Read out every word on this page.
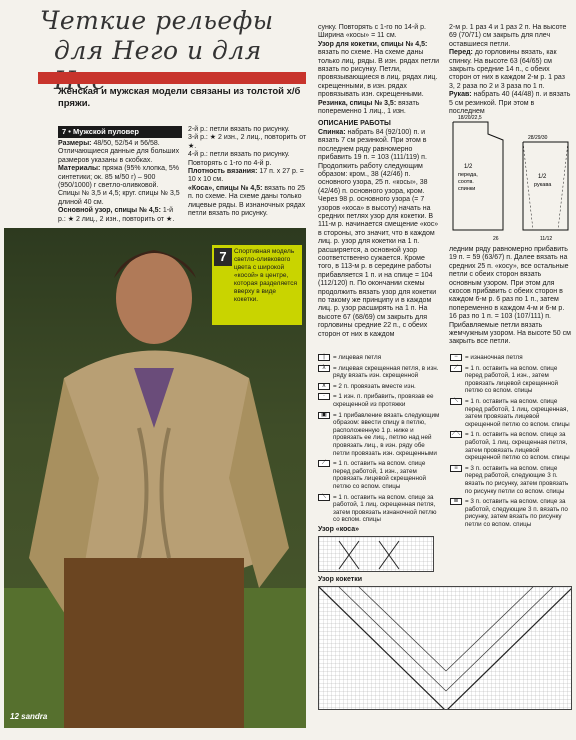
Четкие рельефы
для Него и для
Женская и мужская модели связаны из толстой х/б пряжи.
7 • Мужской пуловер

Размеры: 48/50, 52/54 и 56/58. Отличающиеся данные для больших размеров указаны в скобках.

Материалы: пряжа (95% хлопка, 5% синтетики; ок. 85 м/50 г) – 900 (950/1000) г светло-оливковой. Спицы № 3,5 и 4,5; круг. спицы № 3,5 длиной 40 см.

Основной узор, спицы № 4,5: 1-й р.: ★ 2 лиц., 2 изн., повторить от ★.

2-й р.: петли вязать по рисунку.

3-й р.: ★ 2 изн., 2 лиц., повторить от ★.

4-й р.: петли вязать по рисунку.

Повторять с 1-го по 4-й р.

Плотность вязания: 17 п. х 27 р. = 10 х 10 см.

«Коса», спицы № 4,5: вязать по 25 п. по схеме. На схеме даны только лицевые ряды. В изнаночных рядах петли вязать по рисунку.

7	Спортивная модель светло-оливкового цвета с широкой «косой» в центре, которая разделяется вверху в виде кокетки.
12 sandra

сунку. Повторять с 1-го по 14-й р. Ширина «косы» = 11 см.

Узор для кокетки, спицы № 4,5: вязать по схеме. На схеме даны только лиц. ряды. В изн. рядах петли вязать по рисунку. Петли, провязывающиеся в лиц. рядах лиц. скрещенными, в изн. рядах провязывать изн. скрещенными.

Резинка, спицы № 3,5: вязать попеременно 1 лиц., 1 изн.

ОПИСАНИЕ РАБОТЫ

Спинка: набрать 84 (92/100) п. и вязать 7 см резинкой. При этом в последнем ряду равномерно прибавить 19 п. = 103 (111/119) п. Продолжить работу следующим образом: кром., 38 (42/46) п. основного узора, 25 п. «косы», 38 (42/46) п. основного узора, кром. Через 98 р. основного узора (= 7 узоров «коса» в высоту) начать на средних петлях узор для кокетки. В 111-м р. начинается смещение «кос» в стороны, это значит, что в каждом лиц. р. узор для кокетки на 1 п. расширяется, а основной узор соответственно сужается. Кроме того, в 113-м р. в середине работы прибавляется 1 п. и на спице = 104 (112/120) п. По окончании схемы продолжить вязать узор для кокетки по такому же принципу и в каждом лиц. р. узор расширять на 1 п. На высоте 67 (68/69) см закрыть для горловины средние 22 п., с обеих сторон от них в каждом

2-м р. 1 раз 4 и 1 раз 2 п. На высоте 69 (70/71) см закрыть для плеч оставшиеся петли.

Перед: до горловины вязать, как спинку. На высоте 63 (64/65) см закрыть средние 14 п., с обеих сторон от них в каждом 2-м р. 1 раз 3, 2 раза по 2 и 3 раза по 1 п.

Рукав: набрать 40 (44/48) п. и вязать 5 см резинкой. При этом в последнем

1/2
переда,
соотв.
спинки
1/2
рукава
18/20/22,5
28/29/30
26	11/12
ледним ряду равномерно прибавить 19 п. = 59 (63/67) п. Далее вязать на средних 25 п. «косу», все остальные петли с обеих сторон вязать основным узором. При этом для скосов прибавить с обеих сторон в каждом 6-м р. 6 раз по 1 п., затем попеременно в каждом 4-м и 6-м р. 16 раз по 1 п. = 103 (107/111) п. Прибавляемые петли вязать жемчужным узором. На высоте 50 см закрыть все петли.
|	= лицевая петля
λ	= лицевая скрещенная петля, в изн. ряду вязать изн. скрещенной
∧	= 2 п. провязать вместе изн.
·	= 1 изн. п. прибавить, провязав ее скрещенной из протяжки
▣ = 1 прибавление вязать следующим образом: ввести спицу в петлю, расположенную 1 р. ниже и провязать ее лиц., петлю над ней провязать лиц., в изн. ряду обе петли провязать изн. скрещенными
⟋	= 1 п. оставить на вспом. спице перед работой, 1 изн., затем провязать лицевой скрещенной петлю со вспом. спицы
⟍	= 1 п. оставить на вспом. спице за работой, 1 лиц. скрещенная петля, затем провязать изнаночной петлю со вспом. спицы
−	= изнаночная петля
⟋	= 1 п. оставить на вспом. спице перед работой, 1 изн., затем провязать лицевой скрещенной петлю со вспом. спицы
⟍	= 1 п. оставить на вспом. спице перед работой, 1 лиц. скрещенная, затем провязать лицевой скрещенной петлю со вспом. спицы
⟋⟍ = 1 п. оставить на вспом. спице за работой, 1 лиц. скрещенная петля, затем провязать лицевой скрещенной петлю со вспом. спицы
≡	= 3 п. оставить на вспом. спице перед работой, следующие 3 п. вязать по рисунку, затем провязать по рисунку петли со вспом. спицы
≣	= 3 п. оставить на вспом. спице за работой, следующие 3 п. вязать по рисунку, затем вязать по рисунку петли со вспом. спицы
Узор «коса»
Узор кокетки
